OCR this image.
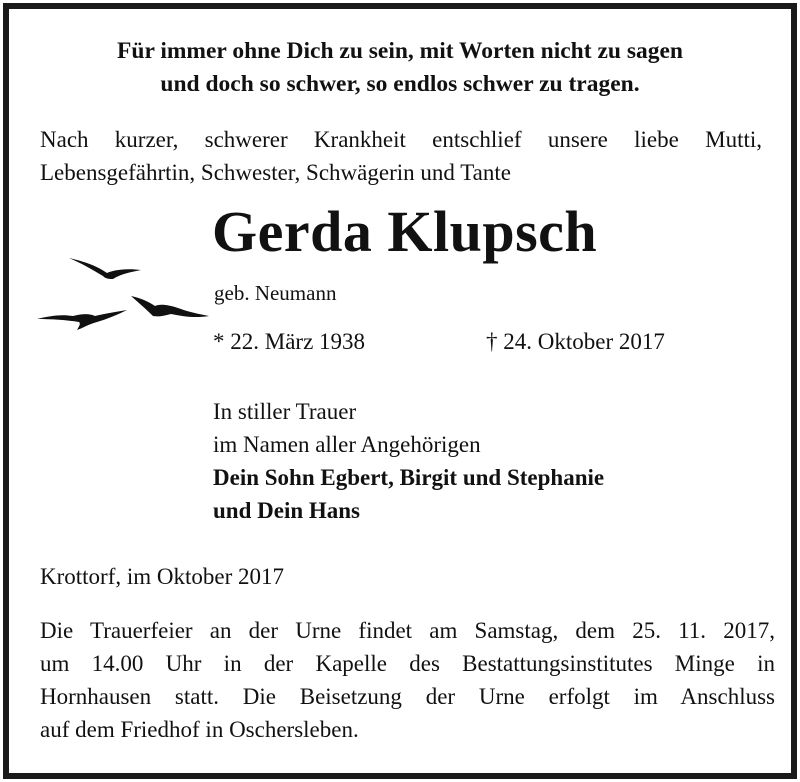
Für immer ohne Dich zu sein, mit Worten nicht zu sagen
und doch so schwer, so endlos schwer zu tragen.
Nach kurzer, schwerer Krankheit entschlief unsere liebe Mutti,
Lebensgefährtin, Schwester, Schwägerin und Tante
Gerda Klupsch
geb. Neumann
* 22. März 1938	† 24. Oktober 2017
In stiller Trauer
im Namen aller Angehörigen
Dein Sohn Egbert, Birgit und Stephanie
und Dein Hans
Krottorf, im Oktober 2017
Die Trauerfeier an der Urne findet am Samstag, dem 25. 11. 2017,
um 14.00 Uhr in der Kapelle des Bestattungsinstitutes Minge in
Hornhausen statt. Die Beisetzung der Urne erfolgt im Anschluss
auf dem Friedhof in Oschersleben.
